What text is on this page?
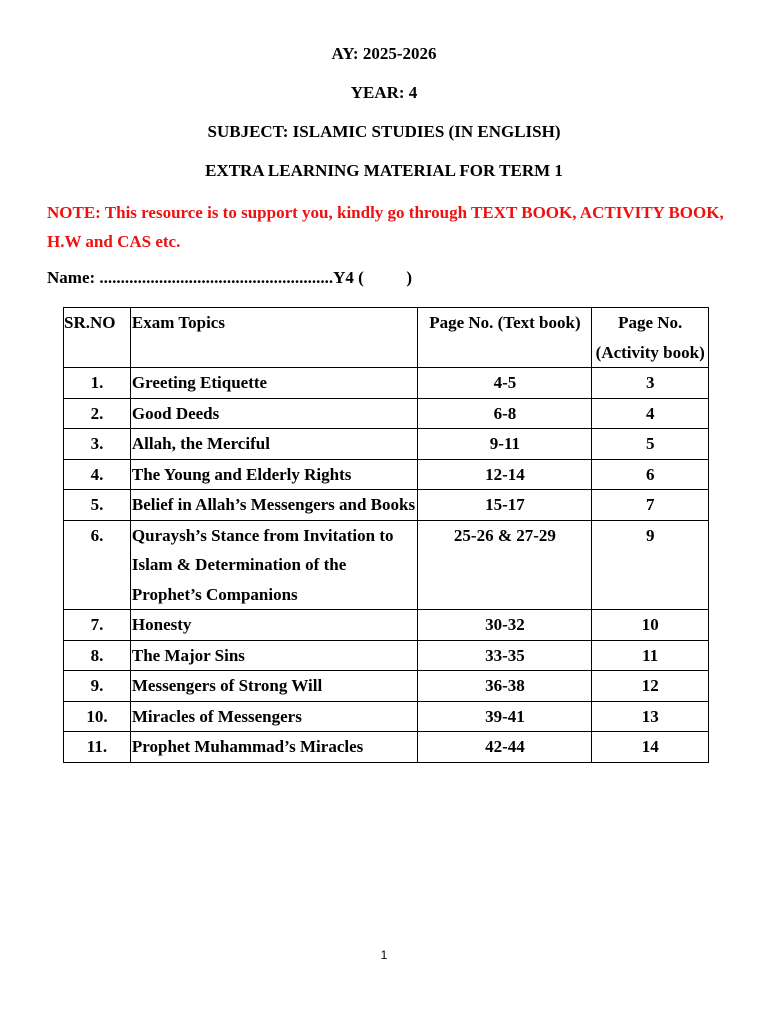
AY: 2025-2026
YEAR: 4
SUBJECT: ISLAMIC STUDIES (IN ENGLISH)
EXTRA LEARNING MATERIAL FOR TERM 1
NOTE: This resource is to support you, kindly go through TEXT BOOK, ACTIVITY BOOK, H.W and CAS etc.
Name: .......................................................Y4 (          )
SR.NO	Exam Topics	Page No. (Text book)	Page No. (Activity book)
1.	Greeting Etiquette	4-5	3
2.	Good Deeds	6-8	4
3.	Allah, the Merciful	9-11	5
4.	The Young and Elderly Rights	12-14	6
5.	Belief in Allah’s Messengers and Books	15-17	7
6.	Quraysh’s Stance from Invitation to Islam & Determination of the Prophet’s Companions	25-26 & 27-29	9
7.	Honesty	30-32	10
8.	The Major Sins	33-35	11
9.	Messengers of Strong Will	36-38	12
10.	Miracles of Messengers	39-41	13
11.	Prophet Muhammad’s Miracles	42-44	14
1
